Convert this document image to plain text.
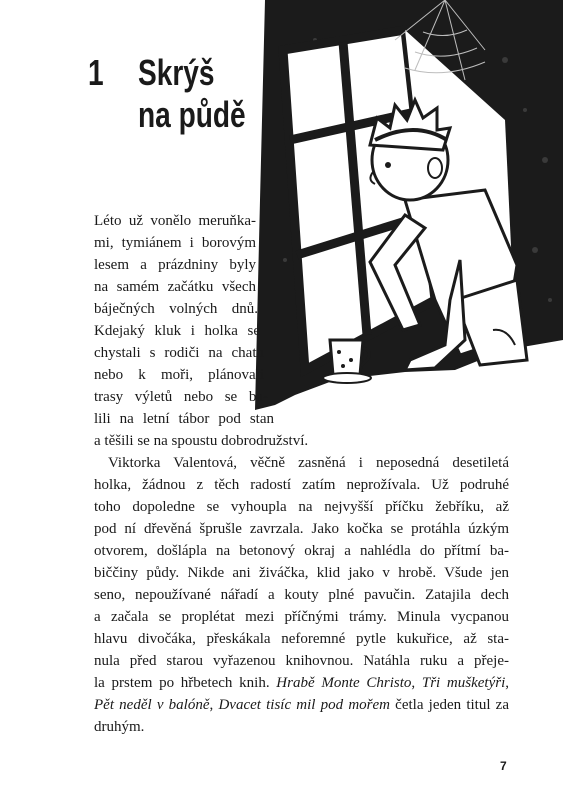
1 Skrýš
na půdě
Léto už vonělo meruňka-
mi, tymiánem i borovým
lesem a prázdniny byly
na samém začátku všech
báječných volných dnů.
Kdejaký kluk i holka se
chystali s rodiči na chatu
nebo k moři, plánovali
trasy výletů nebo se ba-
lili na letní tábor pod stan
a těšili se na spoustu dobrodružství.
Viktorka Valentová, věčně zasněná i neposedná desetiletá
holka, žádnou z těch radostí zatím neprožívala. Už podruhé
toho dopoledne se vyhoupla na nejvyšší příčku žebříku, až
pod ní dřevěná šprušle zavrzala. Jako kočka se protáhla úzkým
otvorem, došlápla na betonový okraj a nahlédla do přítmí ba-
biččiny půdy. Nikde ani živáčka, klid jako v hrobě. Všude jen
seno, nepoužívané nářadí a kouty plné pavučin. Zatajila dech
a začala se proplétat mezi příčnými trámy. Minula vycpanou
hlavu divočáka, přeskákala neforemné pytle kukuřice, až sta-
nula před starou vyřazenou knihovnou. Natáhla ruku a přeje-
la prstem po hřbetech knih. Hrabě Monte Christo, Tři mušketýři,
Pět neděl v balóně, Dvacet tisíc mil pod mořem četla jeden titul za
druhým.
7
